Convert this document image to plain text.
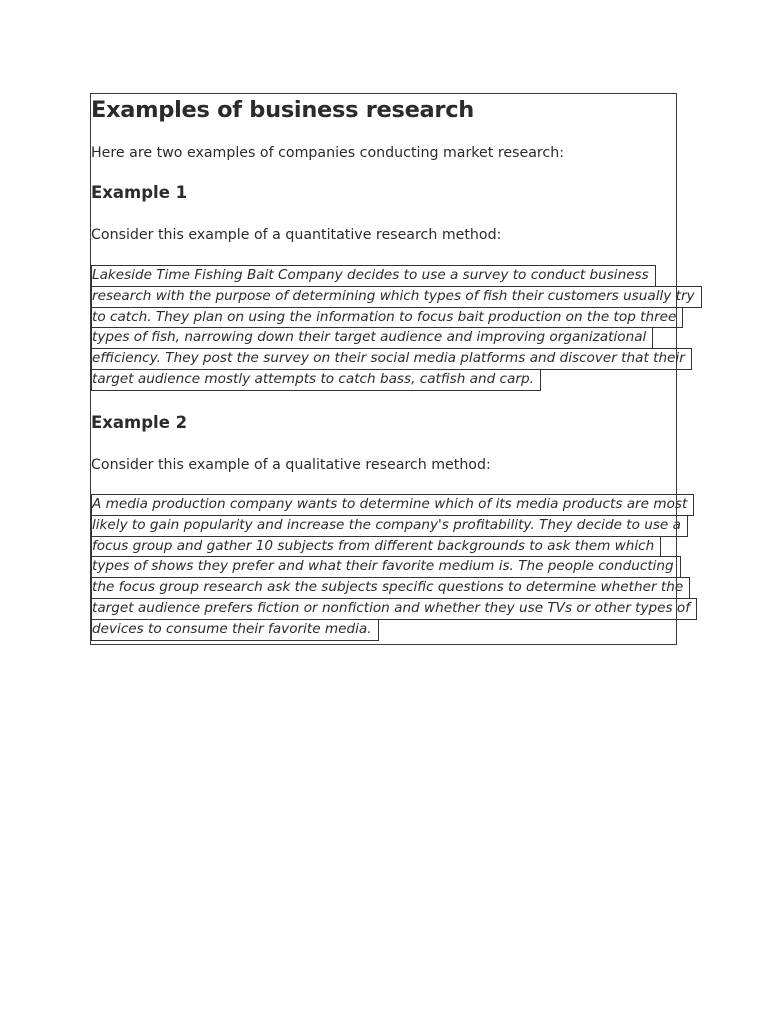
Examples of business research

Here are two examples of companies conducting market research:

Example 1

Consider this example of a quantitative research method:

Lakeside Time Fishing Bait Company decides to use a survey to conduct business
research with the purpose of determining which types of fish their customers usually try
to catch. They plan on using the information to focus bait production on the top three
types of fish, narrowing down their target audience and improving organizational
efficiency. They post the survey on their social media platforms and discover that their
target audience mostly attempts to catch bass, catfish and carp.
Example 2

Consider this example of a qualitative research method:

A media production company wants to determine which of its media products are most
likely to gain popularity and increase the company's profitability. They decide to use a
focus group and gather 10 subjects from different backgrounds to ask them which
types of shows they prefer and what their favorite medium is. The people conducting
the focus group research ask the subjects specific questions to determine whether the
target audience prefers fiction or nonfiction and whether they use TVs or other types of
devices to consume their favorite media.
